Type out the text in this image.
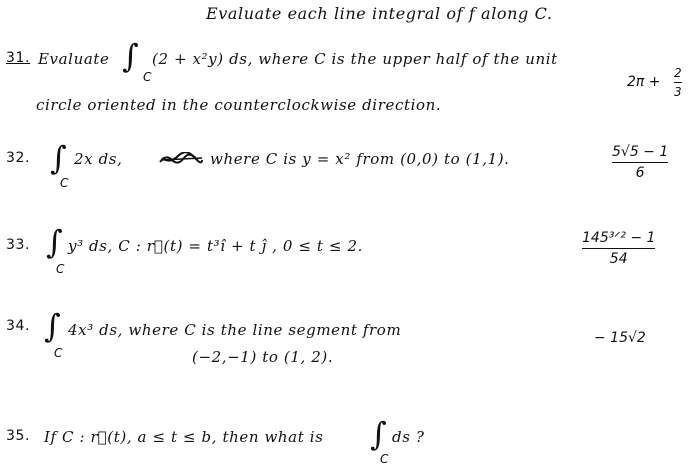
Evaluate each line integral of f along C.
31. Evaluate ∫
C
(2 + x²y) ds, where C is the upper half of the unit
circle oriented in the counterclockwise direction.
2π +
2
3
32. ∫
C
2x ds,	where C is y = x² from (0,0) to (1,1).	5√5 − 1
6
33. ∫
C
y³ ds, C : r⃗(t) = t³î + t ĵ , 0 ≤ t ≤ 2.	145³ᐟ² − 1
54
34. ∫
C
4x³ ds, where C is the line segment from
(−2,−1) to (1, 2).
− 15√2
35. If C : r⃗(t), a ≤ t ≤ b, then what is ∫
C
ds ?
